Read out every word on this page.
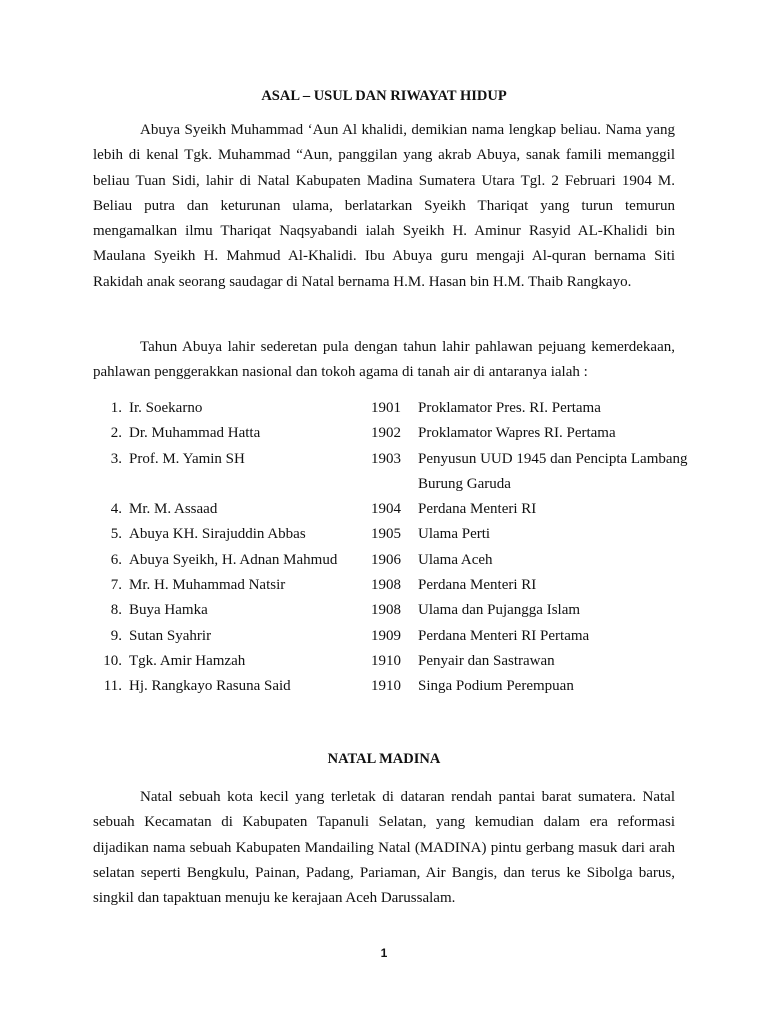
ASAL – USUL DAN RIWAYAT HIDUP

Abuya Syeikh Muhammad ‘Aun Al khalidi, demikian nama lengkap beliau. Nama yang lebih di kenal Tgk. Muhammad “Aun, panggilan yang akrab Abuya, sanak famili memanggil beliau Tuan Sidi, lahir di Natal Kabupaten Madina Sumatera Utara Tgl. 2 Februari 1904 M. Beliau putra dan keturunan ulama, berlatarkan Syeikh Thariqat yang turun temurun mengamalkan ilmu Thariqat Naqsyabandi ialah Syeikh H. Aminur Rasyid AL-Khalidi bin Maulana Syeikh H. Mahmud Al-Khalidi. Ibu Abuya guru mengaji Al-quran bernama Siti Rakidah anak seorang saudagar di Natal bernama H.M. Hasan bin H.M. Thaib Rangkayo.

Tahun Abuya lahir sederetan pula dengan tahun lahir pahlawan pejuang kemerdekaan, pahlawan penggerakkan nasional dan tokoh agama di tanah air di antaranya ialah :

1. Ir. Soekarno	1901 Proklamator Pres. RI. Pertama
2. Dr. Muhammad Hatta	1902 Proklamator Wapres RI. Pertama
3. Prof. M. Yamin SH	1903 Penyusun UUD 1945 dan Pencipta Lambang Burung Garuda
4. Mr. M. Assaad	1904 Perdana Menteri RI
5. Abuya KH. Sirajuddin Abbas	1905 Ulama Perti
6. Abuya Syeikh, H. Adnan Mahmud 1906 Ulama Aceh
7. Mr. H. Muhammad Natsir	1908 Perdana Menteri RI
8. Buya Hamka	1908 Ulama dan Pujangga Islam
9. Sutan Syahrir	1909 Perdana Menteri RI Pertama
10. Tgk. Amir Hamzah	1910 Penyair dan Sastrawan
11. Hj. Rangkayo Rasuna Said	1910 Singa Podium Perempuan
NATAL MADINA

Natal sebuah kota kecil yang terletak di dataran rendah pantai barat sumatera. Natal sebuah Kecamatan di Kabupaten Tapanuli Selatan, yang kemudian dalam era reformasi dijadikan nama sebuah Kabupaten Mandailing Natal (MADINA) pintu gerbang masuk dari arah selatan seperti Bengkulu, Painan, Padang, Pariaman, Air Bangis, dan terus ke Sibolga barus, singkil dan tapaktuan menuju ke kerajaan Aceh Darussalam.

1
